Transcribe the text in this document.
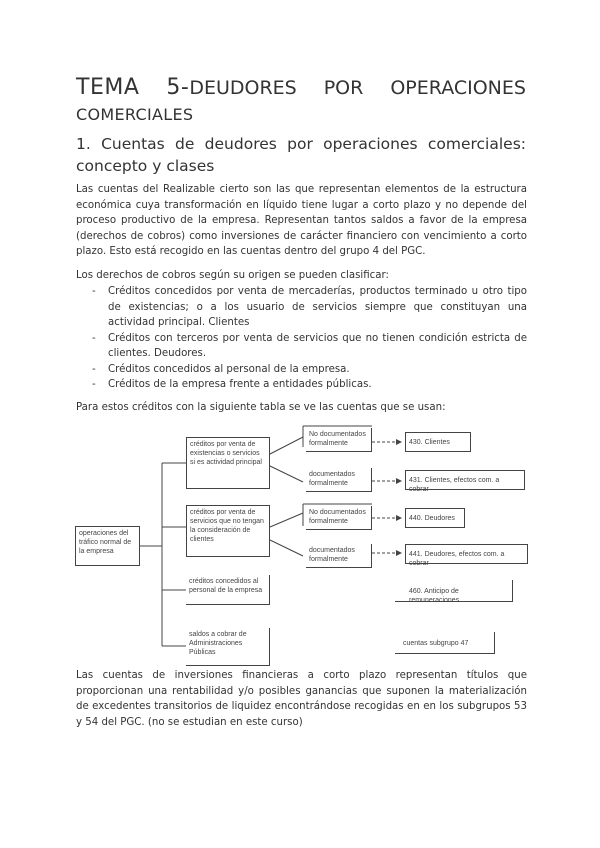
TEMA 5-DEUDORES POR OPERACIONES
COMERCIALES
1. Cuentas de deudores por operaciones comerciales: concepto y clases
Las cuentas del Realizable cierto son las que representan elementos de la estructura económica cuya transformación en líquido tiene lugar a corto plazo y no depende del proceso productivo de la empresa. Representan tantos saldos a favor de la empresa (derechos de cobros) como inversiones de carácter financiero con vencimiento a corto plazo. Esto está recogido en las cuentas dentro del grupo 4 del PGC.
Los derechos de cobros según su origen se pueden clasificar:
- Créditos concedidos por venta de mercaderías, productos terminado u otro tipo de existencias; o a los usuario de servicios siempre que constituyan una actividad principal. Clientes
- Créditos con terceros por venta de servicios que no tienen condición estricta de clientes. Deudores.
- Créditos concedidos al personal de la empresa.
- Créditos de la empresa frente a entidades públicas.
Para estos créditos con la siguiente tabla se ve las cuentas que se usan:
operaciones del tráfico normal de la empresa
créditos por venta de existencias o servicios si es actividad principal
créditos por venta de servicios que no tengan la consideración de clientes
créditos concedidos al personal de la empresa
saldos a cobrar de Administraciones Públicas
No documentados formalmente
documentados formalmente
No documentados formalmente
documentados formalmente
430. Clientes
431. Clientes, efectos com. a cobrar
440. Deudores
441. Deudores, efectos com. a cobrar
460. Anticipo de remuneraciones
cuentas subgrupo 47
Las cuentas de inversiones financieras a corto plazo representan títulos que proporcionan una rentabilidad y/o posibles ganancias que suponen la materialización de excedentes transitorios de liquidez encontrándose recogidas en en los subgrupos 53 y 54 del PGC. (no se estudian en este curso)
